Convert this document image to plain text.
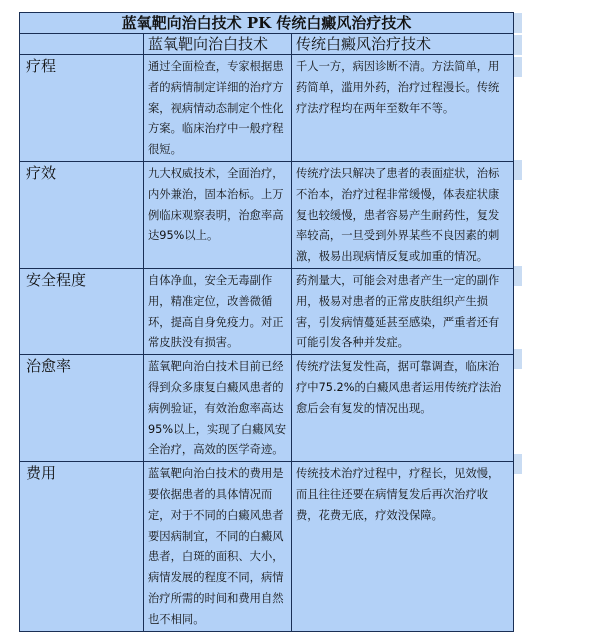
蓝氧靶向治白技术 PK 传统白癜风治疗技术		
	蓝氧靶向治白技术	传统白癜风治疗技术
疗程	通过全面检查，专家根据患者的病情制定详细的治疗方案，视病情动态制定个性化方案。临床治疗中一般疗程很短。	千人一方，病因诊断不清。方法简单，用药简单，滥用外药，治疗过程漫长。传统疗法疗程均在两年至数年不等。
疗效	九大权威技术，全面治疗，内外兼治，固本治标。上万例临床观察表明，治愈率高达95%以上。	传统疗法只解决了患者的表面症状，治标不治本，治疗过程非常缓慢，体表症状康复也较缓慢，患者容易产生耐药性，复发率较高，一旦受到外界某些不良因素的刺激，极易出现病情反复或加重的情况。
安全程度	自体净血，安全无毒副作用，精准定位，改善微循环，提高自身免疫力。对正常皮肤没有损害。	药剂量大，可能会对患者产生一定的副作用，极易对患者的正常皮肤组织产生损害，引发病情蔓延甚至感染，严重者还有可能引发各种并发症。
治愈率	蓝氧靶向治白技术目前已经得到众多康复白癜风患者的病例验证，有效治愈率高达95%以上，实现了白癜风安全治疗，高效的医学奇迹。	传统疗法复发性高，据可靠调查，临床治疗中75.2%的白癜风患者运用传统疗法治愈后会有复发的情况出现。
费用	蓝氧靶向治白技术的费用是要依据患者的具体情况而定，对于不同的白癜风患者要因病制宜，不同的白癜风患者，白斑的面积、大小，病情发展的程度不同，病情治疗所需的时间和费用自然也不相同。	传统技术治疗过程中，疗程长，见效慢，而且往往还要在病情复发后再次治疗收费，花费无底，疗效没保障。
